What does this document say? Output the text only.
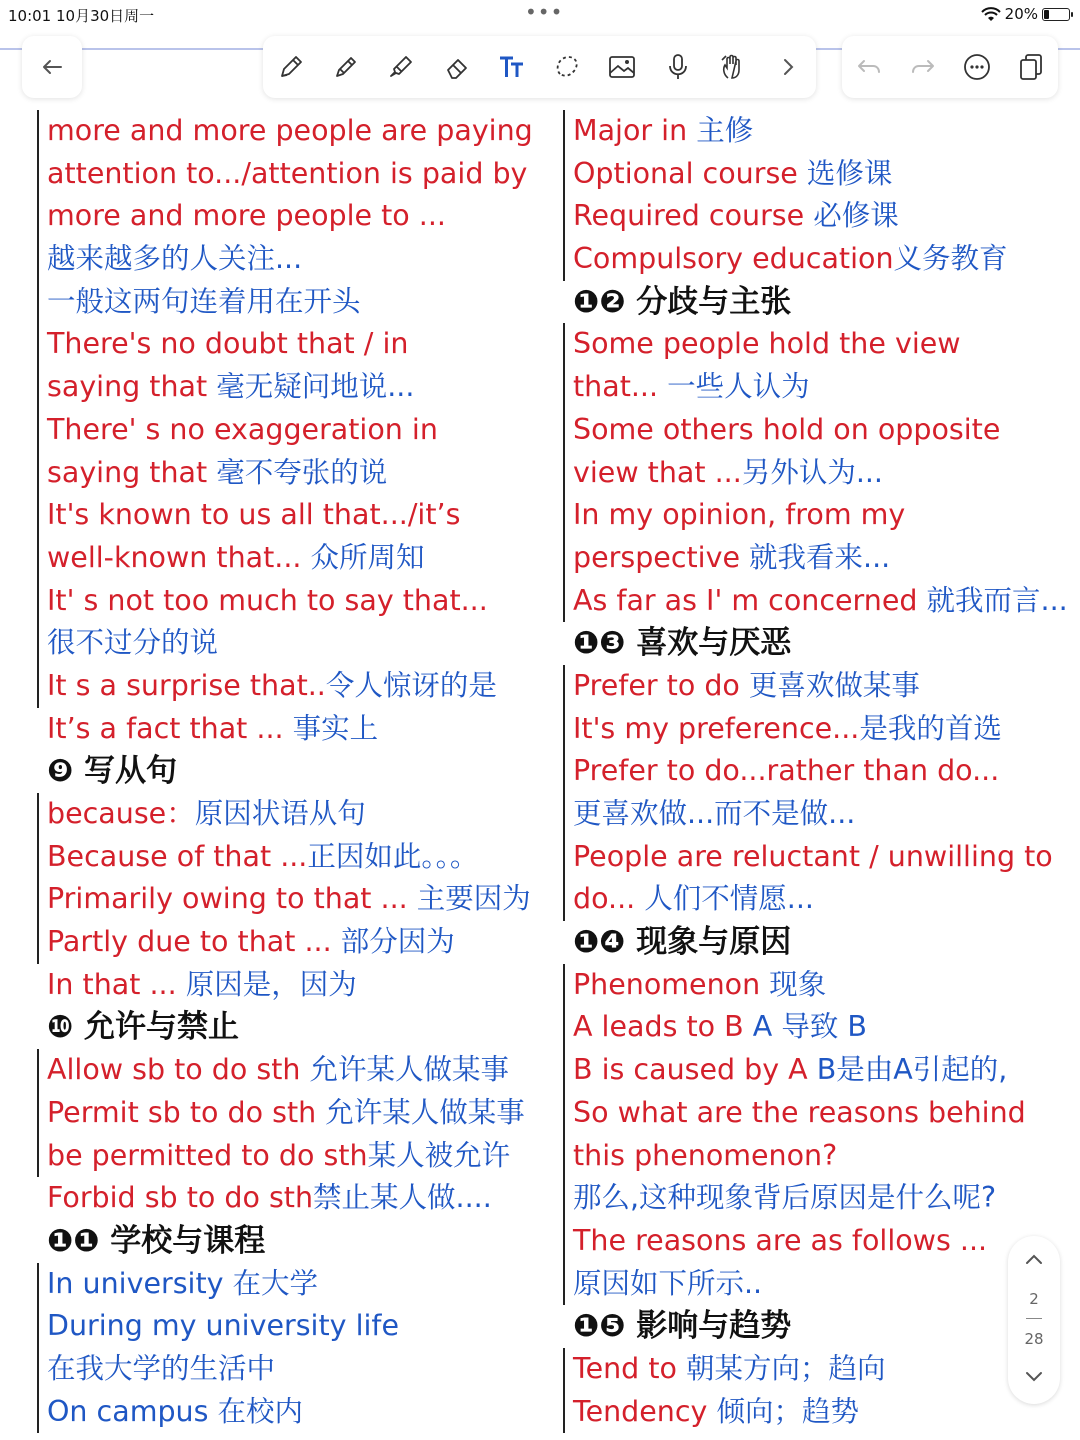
10:01 10月30日周一	•••	20%
more and more people are paying
attention to.../attention is paid by
more and more people to ...
越来越多的人关注...
一般这两句连着用在开头
There's no doubt that / in
saying that 毫无疑问地说...
There' s no exaggeration in
saying that 毫不夸张的说
It's known to us all that.../it’s
well-known that... 众所周知
It' s not too much to say that...
很不过分的说
It s a surprise that..令人惊讶的是
It’s a fact that ... 事实上
❾ 写从句
because：原因状语从句
Because of that ...正因如此。。。
Primarily owing to that ... 主要因为
Partly due to that ... 部分因为
In that ... 原因是，因为
❿ 允许与禁止
Allow sb to do sth 允许某人做某事
Permit sb to do sth 允许某人做某事
be permitted to do sth某人被允许
Forbid sb to do sth禁止某人做....
❶❶ 学校与课程
In university 在大学
During my university life
在我大学的生活中
On campus 在校内
Major in 主修
Optional course 选修课
Required course 必修课
Compulsory education义务教育
❶❷ 分歧与主张
Some people hold the view
that... 一些人认为
Some others hold on opposite
view that ...另外认为...
In my opinion, from my
perspective 就我看来...
As far as I' m concerned 就我而言...
❶❸ 喜欢与厌恶
Prefer to do 更喜欢做某事
It's my preference...是我的首选
Prefer to do...rather than do...
更喜欢做...而不是做...
People are reluctant / unwilling to
do... 人们不情愿...
❶❹ 现象与原因
Phenomenon 现象
A leads to B A 导致 B
B is caused by A B是由A引起的,
So what are the reasons behind
this phenomenon?
那么,这种现象背后原因是什么呢?
The reasons are as follows ...
原因如下所示..
❶❺ 影响与趋势
Tend to 朝某方向；趋向
Tendency 倾向；趋势
2
28
